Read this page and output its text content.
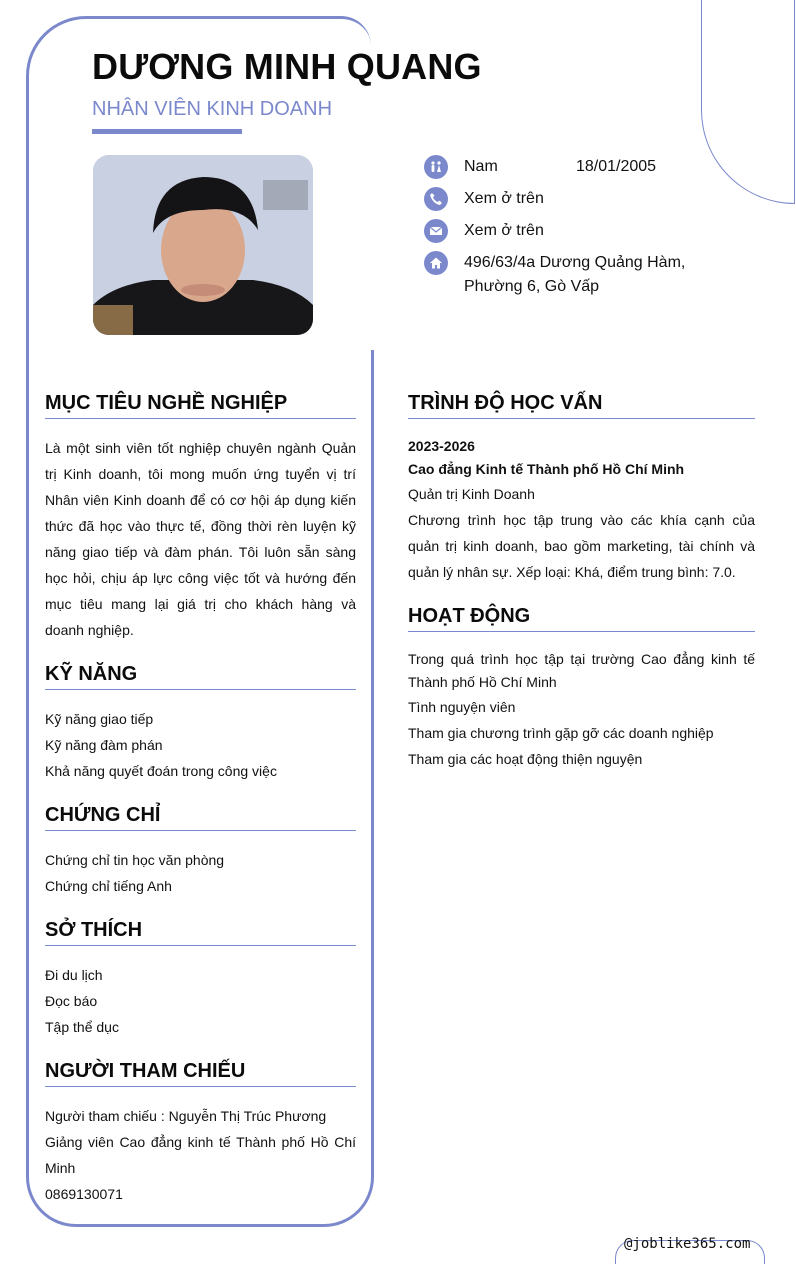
DƯƠNG MINH QUANG
NHÂN VIÊN KINH DOANH
Nam	18/01/2005
Xem ở trên
Xem ở trên
496/63/4a Dương Quảng Hàm,
Phường 6, Gò Vấp
MỤC TIÊU NGHỀ NGHIỆP
Là một sinh viên tốt nghiệp chuyên ngành Quản trị Kinh doanh, tôi mong muốn ứng tuyển vị trí Nhân viên Kinh doanh để có cơ hội áp dụng kiến thức đã học vào thực tế, đồng thời rèn luyện kỹ năng giao tiếp và đàm phán. Tôi luôn sẵn sàng học hỏi, chịu áp lực công việc tốt và hướng đến mục tiêu mang lại giá trị cho khách hàng và doanh nghiệp.
KỸ NĂNG
Kỹ năng giao tiếp
Kỹ năng đàm phán
Khả năng quyết đoán trong công việc
CHỨNG CHỈ
Chứng chỉ tin học văn phòng
Chứng chỉ tiếng Anh
SỞ THÍCH
Đi du lịch
Đọc báo
Tập thể dục
NGƯỜI THAM CHIẾU
Người tham chiếu : Nguyễn Thị Trúc Phương
Giảng viên Cao đẳng kinh tế Thành phố Hồ Chí Minh
0869130071
TRÌNH ĐỘ HỌC VẤN
2023-2026
Cao đẳng Kinh tế Thành phố Hồ Chí Minh
Quản trị Kinh Doanh
Chương trình học tập trung vào các khía cạnh của quản trị kinh doanh, bao gồm marketing, tài chính và quản lý nhân sự. Xếp loại: Khá, điểm trung bình: 7.0.
HOẠT ĐỘNG
Trong quá trình học tập tại trường Cao đẳng kinh tế Thành phố Hồ Chí Minh
Tình nguyện viên
Tham gia chương trình gặp gỡ các doanh nghiệp
Tham gia các hoạt động thiện nguyện
@joblike365.com
